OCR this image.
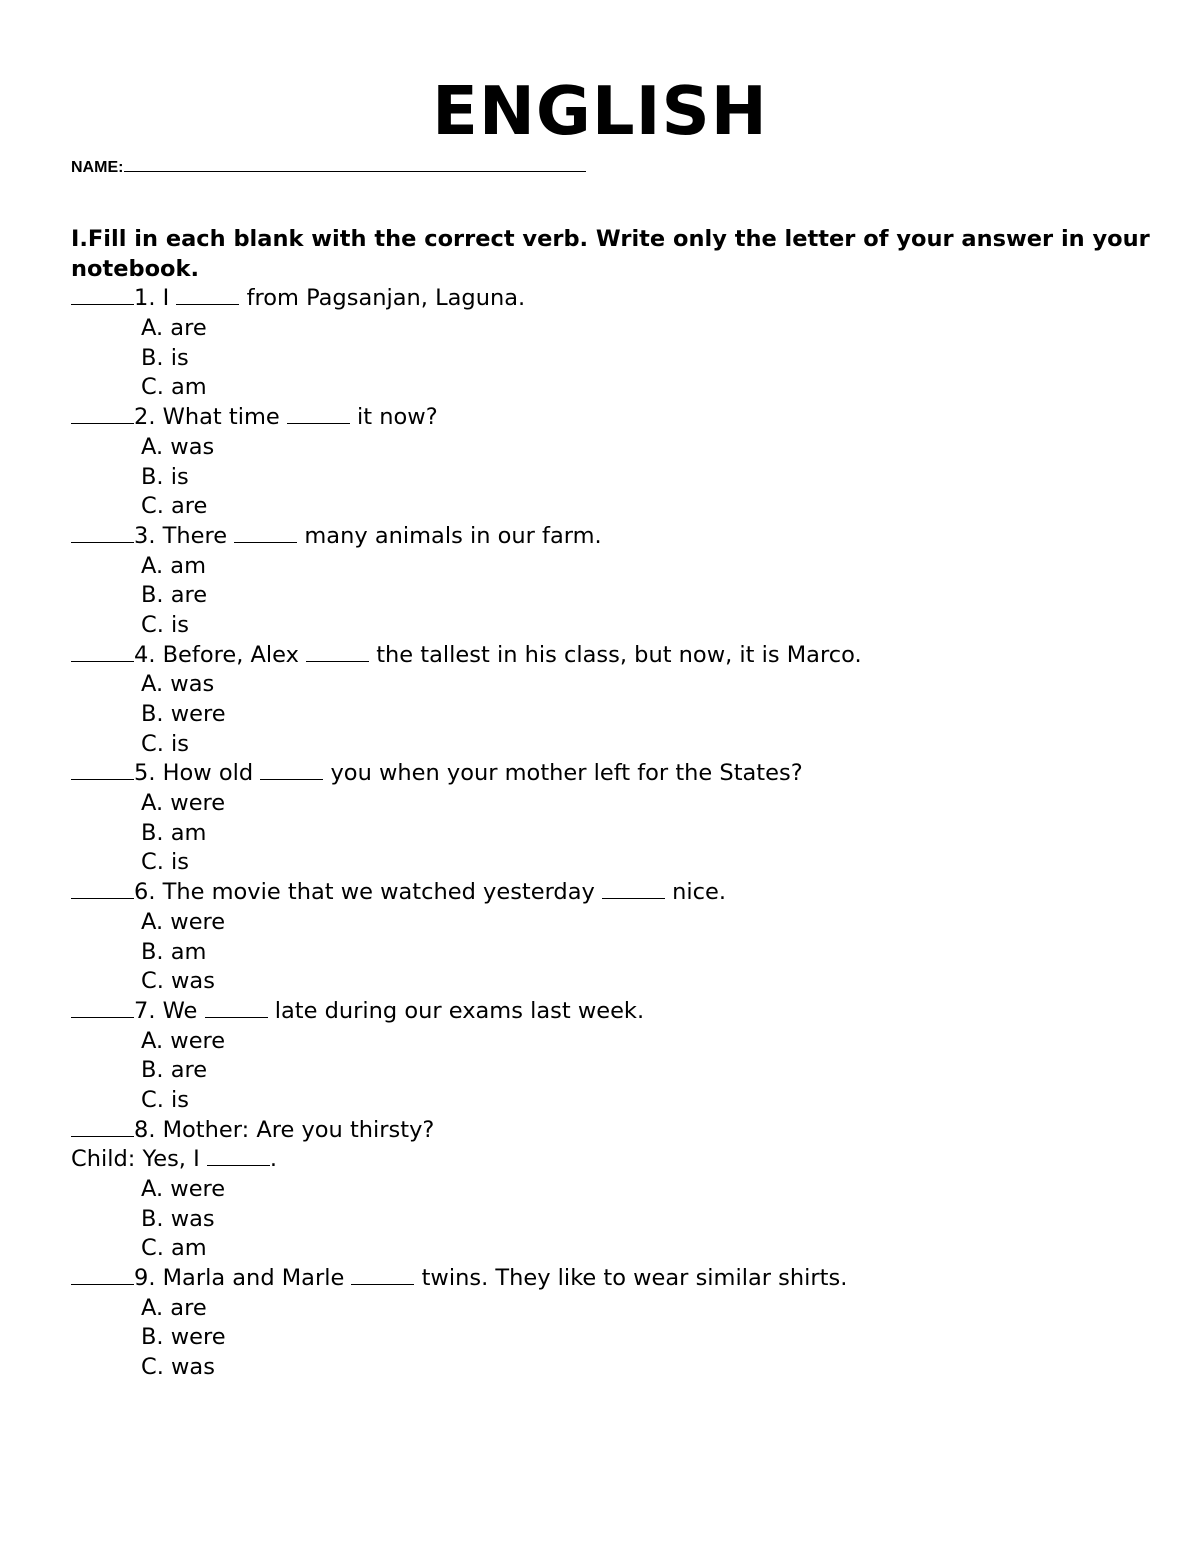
ENGLISH
NAME:

I.Fill in each blank with the correct verb. Write only the letter of your answer in your notebook.

1. I	from Pagsanjan, Laguna.
A. are
B. is
C. am
2. What time	it now?
A. was
B. is
C. are
3. There	many animals in our farm.
A. am
B. are
C. is
4. Before, Alex	the tallest in his class, but now, it is Marco.
A. was
B. were
C. is
5. How old	you when your mother left for the States?
A. were
B. am
C. is
6. The movie that we watched yesterday	nice.
A. were
B. am
C. was
7. We	late during our exams last week.
A. were
B. are
C. is
8. Mother: Are you thirsty?
Child: Yes, I	.
A. were
B. was
C. am
9. Marla and Marle	twins. They like to wear similar shirts.
A. are
B. were
C. was
